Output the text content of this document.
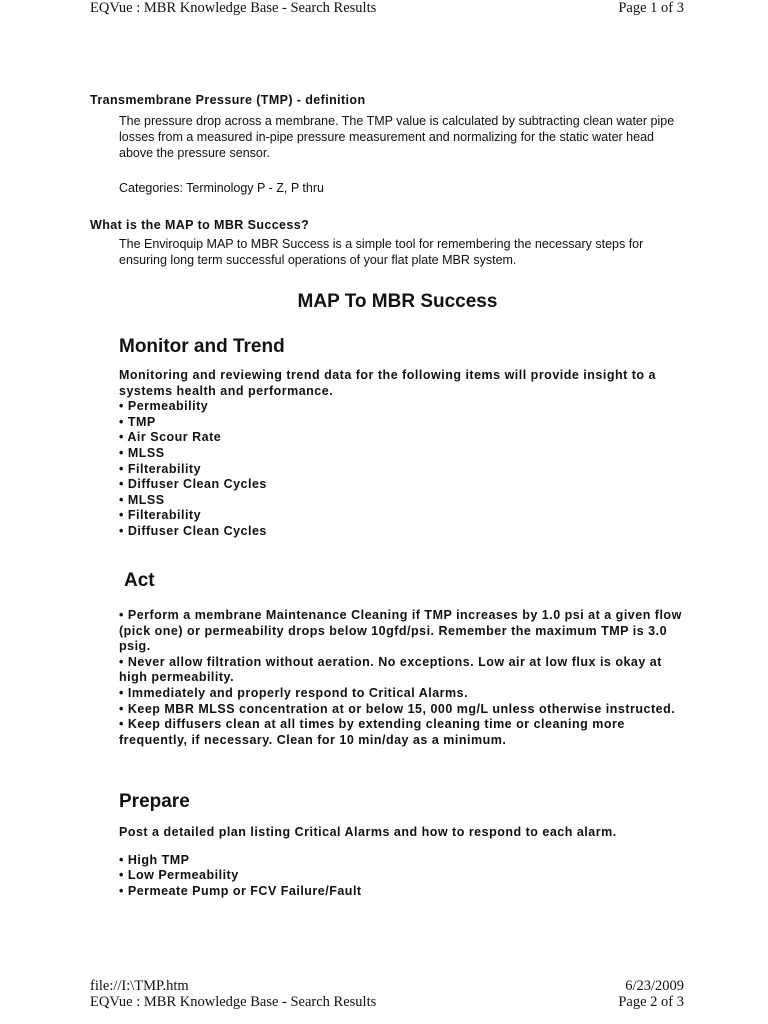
EQVue : MBR Knowledge Base - Search Results	Page 1 of 3

Transmembrane Pressure (TMP) - definition

The pressure drop across a membrane. The TMP value is calculated by subtracting clean water pipe losses from a measured in-pipe pressure measurement and normalizing for the static water head above the pressure sensor.
Categories: Terminology P - Z, P thru

What is the MAP to MBR Success?

The Enviroquip MAP to MBR Success is a simple tool for remembering the necessary steps for ensuring long term successful operations of your flat plate MBR system.
MAP To MBR Success
Monitor and Trend
Monitoring and reviewing trend data for the following items will provide insight to a systems health and performance.
• Permeability
• TMP
• Air Scour Rate
• MLSS
• Filterability
• Diffuser Clean Cycles
• MLSS
• Filterability
• Diffuser Clean Cycles
Act
• Perform a membrane Maintenance Cleaning if TMP increases by 1.0 psi at a given flow (pick one) or permeability drops below 10gfd/psi. Remember the maximum TMP is 3.0 psig.
• Never allow filtration without aeration. No exceptions. Low air at low flux is okay at high permeability.
• Immediately and properly respond to Critical Alarms.
• Keep MBR MLSS concentration at or below 15, 000 mg/L unless otherwise instructed.
• Keep diffusers clean at all times by extending cleaning time or cleaning more frequently, if necessary. Clean for 10 min/day as a minimum.
Prepare
Post a detailed plan listing Critical Alarms and how to respond to each alarm.
• High TMP
• Low Permeability
• Permeate Pump or FCV Failure/Fault
file://I:\TMP.htm
EQVue : MBR Knowledge Base - Search Results
6/23/2009
Page 2 of 3
